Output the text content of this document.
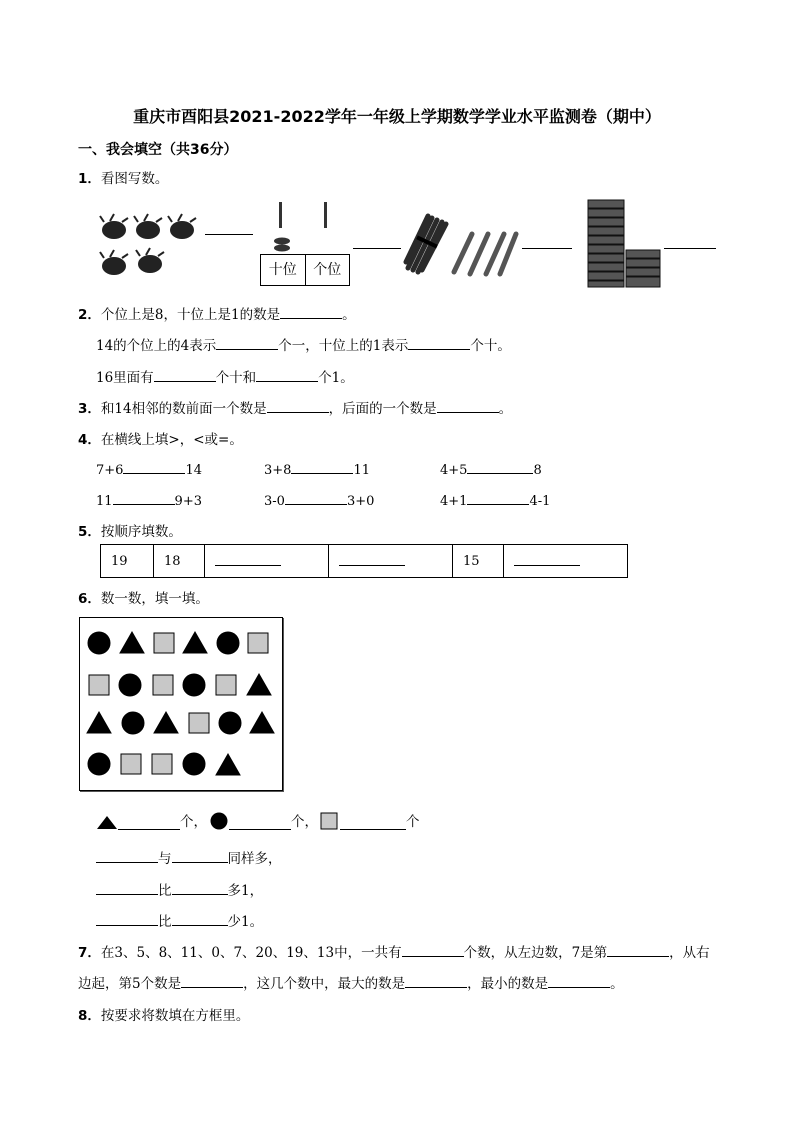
重庆市酉阳县2021-2022学年一年级上学期数学学业水平监测卷（期中）
一、我会填空（共36分）
1．看图写数。
十位	个位
2．个位上是8，十位上是1的数是	。
14的个位上的4表示	个一，十位上的1表示	个十。
16里面有	个十和	个1。
3．和14相邻的数前面一个数是	，后面的一个数是	。
4．在横线上填>，<或=。
7+6	14	3+8	11	4+5	8
11	9+3	3-0	3+0	4+1	4-1
5．按顺序填数。
19	18			15	
6．数一数，填一填。
个，	个，	个
与	同样多，
比	多1，
比	少1。
7．在3、5、8、11、0、7、20、19、13中，一共有	个数，从左边数，7是第	，从右
边起，第5个数是	，这几个数中，最大的数是	，最小的数是	。
8．按要求将数填在方框里。
